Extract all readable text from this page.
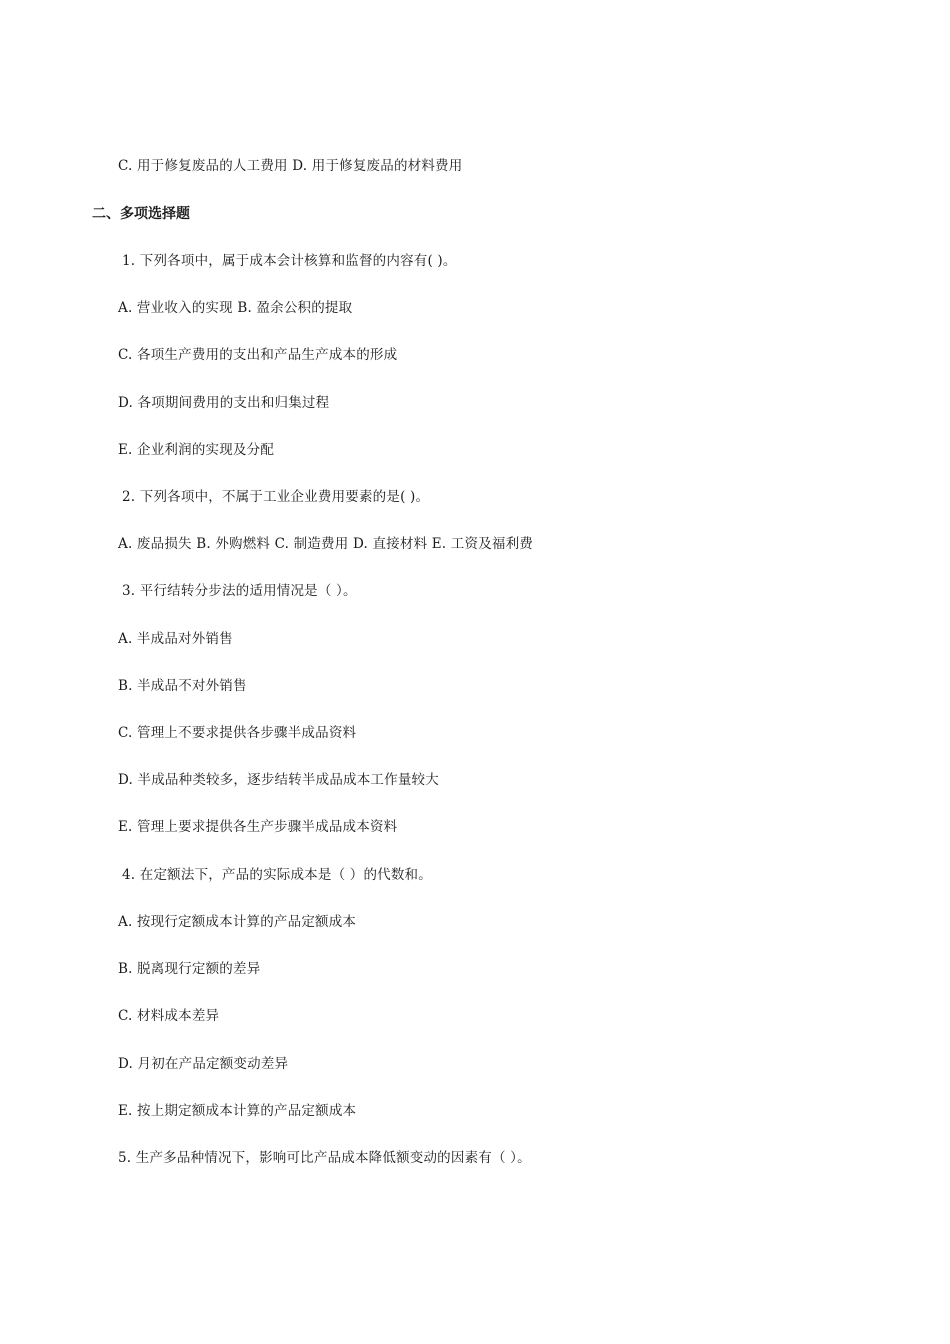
C. 用于修复废品的人工费用 D. 用于修复废品的材料费用
二、多项选择题
1. 下列各项中，属于成本会计核算和监督的内容有( )。
A. 营业收入的实现 B. 盈余公积的提取
C. 各项生产费用的支出和产品生产成本的形成
D. 各项期间费用的支出和归集过程
E. 企业利润的实现及分配
2. 下列各项中，不属于工业企业费用要素的是( )。
A. 废品损失 B. 外购燃料 C. 制造费用 D. 直接材料 E. 工资及福利费
3. 平行结转分步法的适用情况是（ ）。
A. 半成品对外销售
B. 半成品不对外销售
C. 管理上不要求提供各步骤半成品资料
D. 半成品种类较多，逐步结转半成品成本工作量较大
E. 管理上要求提供各生产步骤半成品成本资料
4. 在定额法下，产品的实际成本是（ ）的代数和。
A. 按现行定额成本计算的产品定额成本
B. 脱离现行定额的差异
C. 材料成本差异
D. 月初在产品定额变动差异
E. 按上期定额成本计算的产品定额成本
5. 生产多品种情况下，影响可比产品成本降低额变动的因素有（ ）。
